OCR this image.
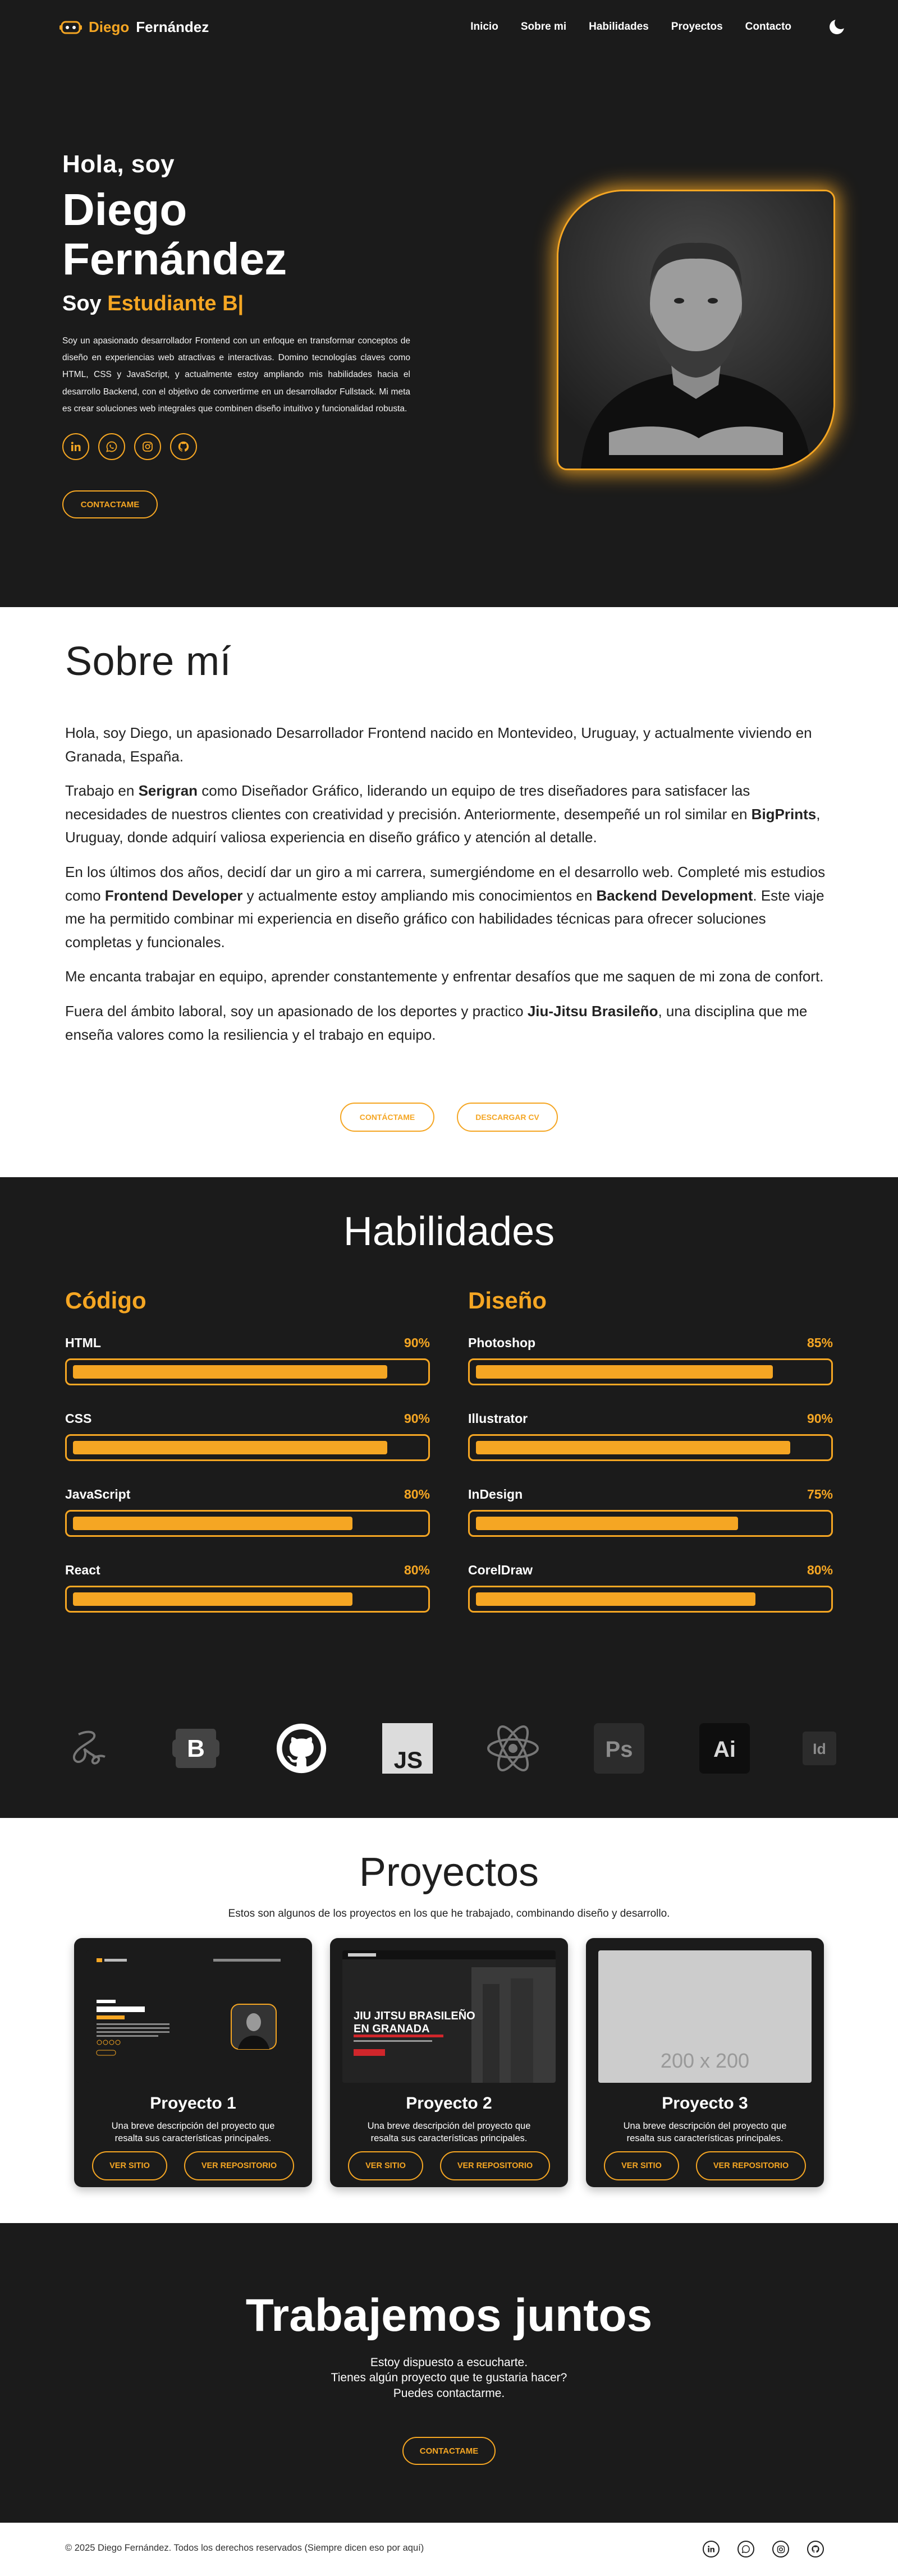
Diego Fernández	Inicio Sobre mi Habilidades Proyectos Contacto
Hola, soy
Diego Fernández
Soy Estudiante B|

Soy un apasionado desarrollador Frontend con un enfoque en transformar conceptos de diseño en experiencias web atractivas e interactivas. Domino tecnologías claves como HTML, CSS y JavaScript, y actualmente estoy ampliando mis habilidades hacia el desarrollo Backend, con el objetivo de convertirme en un desarrollador Fullstack. Mi meta es crear soluciones web integrales que combinen diseño intuitivo y funcionalidad robusta.

CONTACTAME
Sobre mí

Hola, soy Diego, un apasionado Desarrollador Frontend nacido en Montevideo, Uruguay, y actualmente viviendo en Granada, España.

Trabajo en Serigran como Diseñador Gráfico, liderando un equipo de tres diseñadores para satisfacer las necesidades de nuestros clientes con creatividad y precisión. Anteriormente, desempeñé un rol similar en BigPrints, Uruguay, donde adquirí valiosa experiencia en diseño gráfico y atención al detalle.

En los últimos dos años, decidí dar un giro a mi carrera, sumergiéndome en el desarrollo web. Completé mis estudios como Frontend Developer y actualmente estoy ampliando mis conocimientos en Backend Development. Este viaje me ha permitido combinar mi experiencia en diseño gráfico con habilidades técnicas para ofrecer soluciones completas y funcionales.

Me encanta trabajar en equipo, aprender constantemente y enfrentar desafíos que me saquen de mi zona de confort.

Fuera del ámbito laboral, soy un apasionado de los deportes y practico Jiu-Jitsu Brasileño, una disciplina que me enseña valores como la resiliencia y el trabajo en equipo.

CONTÁCTAME	DESCARGAR CV
Habilidades
Código
HTML	90%
CSS	90%
JavaScript	80%
React	80%
Diseño
Photoshop	85%
Illustrator	90%
InDesign	75%
CorelDraw	80%
B	JS	Ps	Ai	Id
Proyectos
Estos son algunos de los proyectos en los que he trabajado, combinando diseño y desarrollo.
Proyecto 1
Una breve descripción del proyecto que resalta sus características principales.
VER SITIO	VER REPOSITORIO
JIU JITSU BRASILEÑO
EN GRANADA
Proyecto 2
Una breve descripción del proyecto que resalta sus características principales.
VER SITIO	VER REPOSITORIO
200 x 200
Proyecto 3
Una breve descripción del proyecto que resalta sus características principales.
VER SITIO	VER REPOSITORIO
Trabajemos juntos
Estoy dispuesto a escucharte.
Tienes algún proyecto que te gustaria hacer?
Puedes contactarme.
CONTACTAME
© 2025 Diego Fernández. Todos los derechos reservados (Siempre dicen eso por aquí)
